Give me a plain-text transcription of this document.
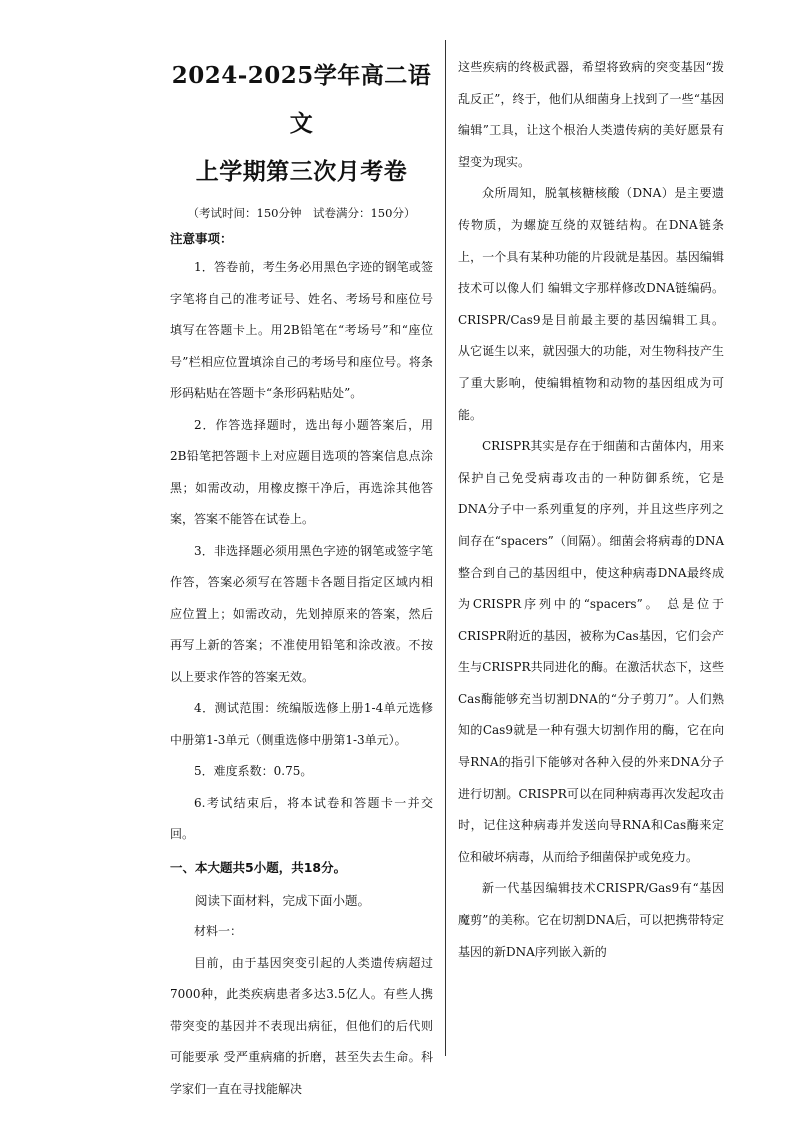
2024-2025学年高二语文
上学期第三次月考卷
（考试时间：150分钟　试卷满分：150分）
注意事项：

1．答卷前，考生务必用黑色字迹的钢笔或签字笔将自己的准考证号、姓名、考场号和座位号填写在答题卡上。用2B铅笔在“考场号”和“座位号”栏相应位置填涂自己的考场号和座位号。将条形码粘贴在答题卡“条形码粘贴处”。

2．作答选择题时，选出每小题答案后，用2B铅笔把答题卡上对应题目选项的答案信息点涂黑；如需改动，用橡皮擦干净后，再选涂其他答案，答案不能答在试卷上。

3．非选择题必须用黑色字迹的钢笔或签字笔作答，答案必须写在答题卡各题目指定区域内相应位置上；如需改动，先划掉原来的答案，然后再写上新的答案；不准使用铅笔和涂改液。不按以上要求作答的答案无效。

4．测试范围：统编版选修上册1-4单元选修中册第1-3单元（侧重选修中册第1-3单元）。

5．难度系数：0.75。

6.考试结束后，将本试卷和答题卡一并交回。

一、本大题共5小题，共18分。

阅读下面材料，完成下面小题。

材料一：

目前，由于基因突变引起的人类遗传病超过7000种，此类疾病患者多达3.5亿人。有些人携带突变的基因并不表现出病征，但他们的后代则可能要承 受严重病痛的折磨，甚至失去生命。科学家们一直在寻找能解决

这些疾病的终极武器，希望将致病的突变基因“拨乱反正”，终于，他们从细菌身上找到了一些“基因编辑”工具，让这个根治人类遗传病的美好愿景有望变为现实。

众所周知，脱氧核糖核酸（DNA）是主要遗传物质，为螺旋互绕的双链结构。在DNA链条上，一个具有某种功能的片段就是基因。基因编辑技术可以像人们 编辑文字那样修改DNA链编码。CRISPR/Cas9是目前最主要的基因编辑工具。 从它诞生以来，就因强大的功能，对生物科技产生了重大影响，使编辑植物和动物的基因组成为可能。

CRISPR其实是存在于细菌和古菌体内，用来保护自己免受病毒攻击的一种防御系统，它是DNA分子中一系列重复的序列，并且这些序列之间存在“spacers”（间隔）。细菌会将病毒的DNA整合到自己的基因组中，使这种病毒DNA最终成为CRISPR序列中的“spacers”。 总是位于CRISPR附近的基因，被称为Cas基因，它们会产生与CRISPR共同进化的酶。在激活状态下，这些Cas酶能够充当切割DNA的“分子剪刀”。人们熟知的Cas9就是一种有强大切割作用的酶，它在向导RNA的指引下能够对各种入侵的外来DNA分子进行切割。CRISPR可以在同种病毒再次发起攻击时，记住这种病毒并发送向导RNA和Cas酶来定位和破坏病毒，从而给予细菌保护或免疫力。

新一代基因编辑技术CRISPR/Gas9有“基因魔剪”的美称。它在切割DNA后，可以把携带特定基因的新DNA序列嵌入新的
